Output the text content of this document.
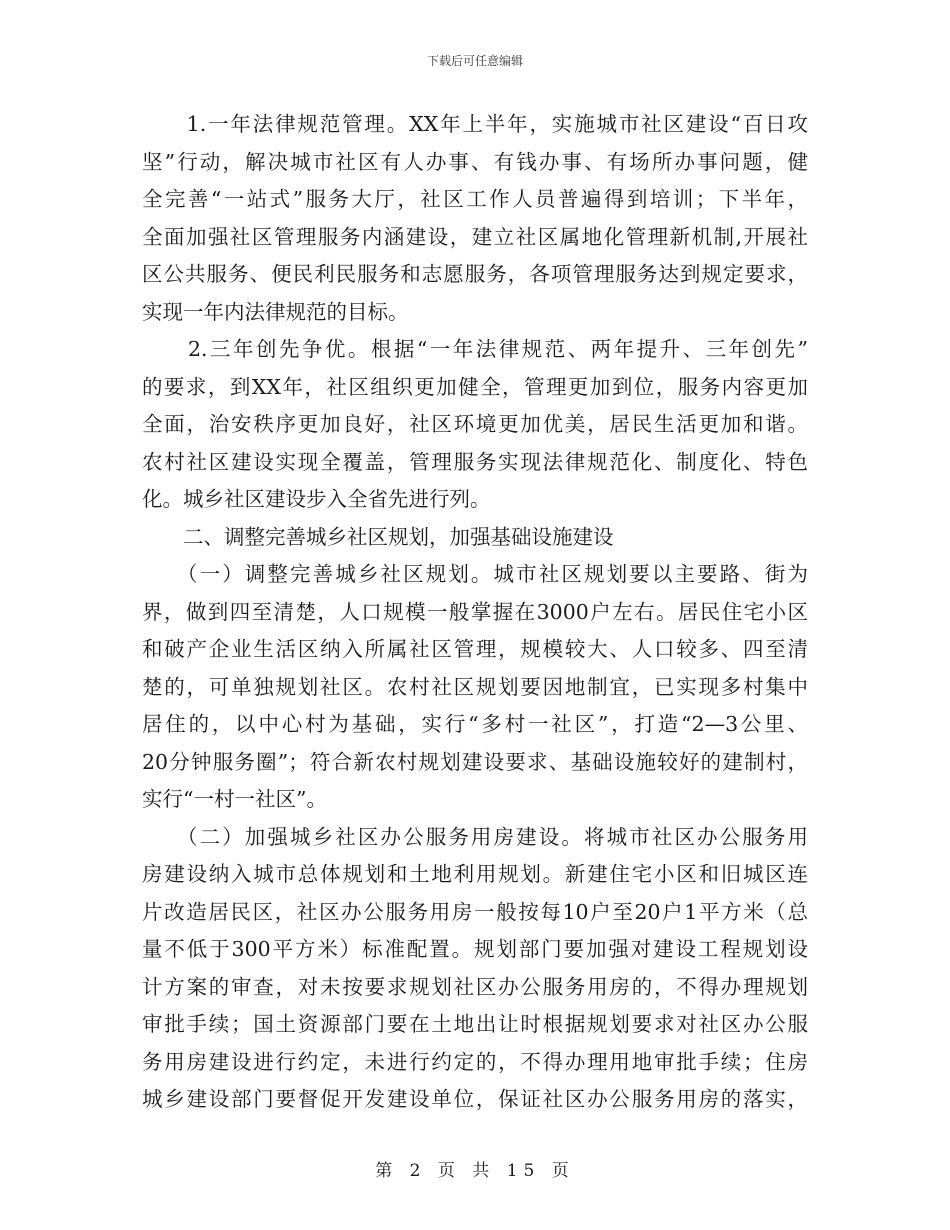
下载后可任意编辑
　　1.一年法律规范管理。XX年上半年，实施城市社区建设“百日攻
坚”行动，解决城市社区有人办事、有钱办事、有场所办事问题，健
全完善“一站式”服务大厅，社区工作人员普遍得到培训；下半年，
全面加强社区管理服务内涵建设，建立社区属地化管理新机制,开展社
区公共服务、便民利民服务和志愿服务，各项管理服务达到规定要求，
实现一年内法律规范的目标。
　　2.三年创先争优。根据“一年法律规范、两年提升、三年创先”
的要求，到XX年，社区组织更加健全，管理更加到位，服务内容更加
全面，治安秩序更加良好，社区环境更加优美，居民生活更加和谐。
农村社区建设实现全覆盖，管理服务实现法律规范化、制度化、特色
化。城乡社区建设步入全省先进行列。
　　二、调整完善城乡社区规划，加强基础设施建设
　　（一）调整完善城乡社区规划。城市社区规划要以主要路、街为
界，做到四至清楚，人口规模一般掌握在3000户左右。居民住宅小区
和破产企业生活区纳入所属社区管理，规模较大、人口较多、四至清
楚的，可单独规划社区。农村社区规划要因地制宜，已实现多村集中
居住的，以中心村为基础，实行“多村一社区”，打造“2—3公里、
20分钟服务圈”；符合新农村规划建设要求、基础设施较好的建制村，
实行“一村一社区”。
　　（二）加强城乡社区办公服务用房建设。将城市社区办公服务用
房建设纳入城市总体规划和土地利用规划。新建住宅小区和旧城区连
片改造居民区，社区办公服务用房一般按每10户至20户1平方米（总
量不低于300平方米）标准配置。规划部门要加强对建设工程规划设
计方案的审查，对未按要求规划社区办公服务用房的，不得办理规划
审批手续；国土资源部门要在土地出让时根据规划要求对社区办公服
务用房建设进行约定，未进行约定的，不得办理用地审批手续；住房
城乡建设部门要督促开发建设单位，保证社区办公服务用房的落实，
第 2 页 共 15 页
